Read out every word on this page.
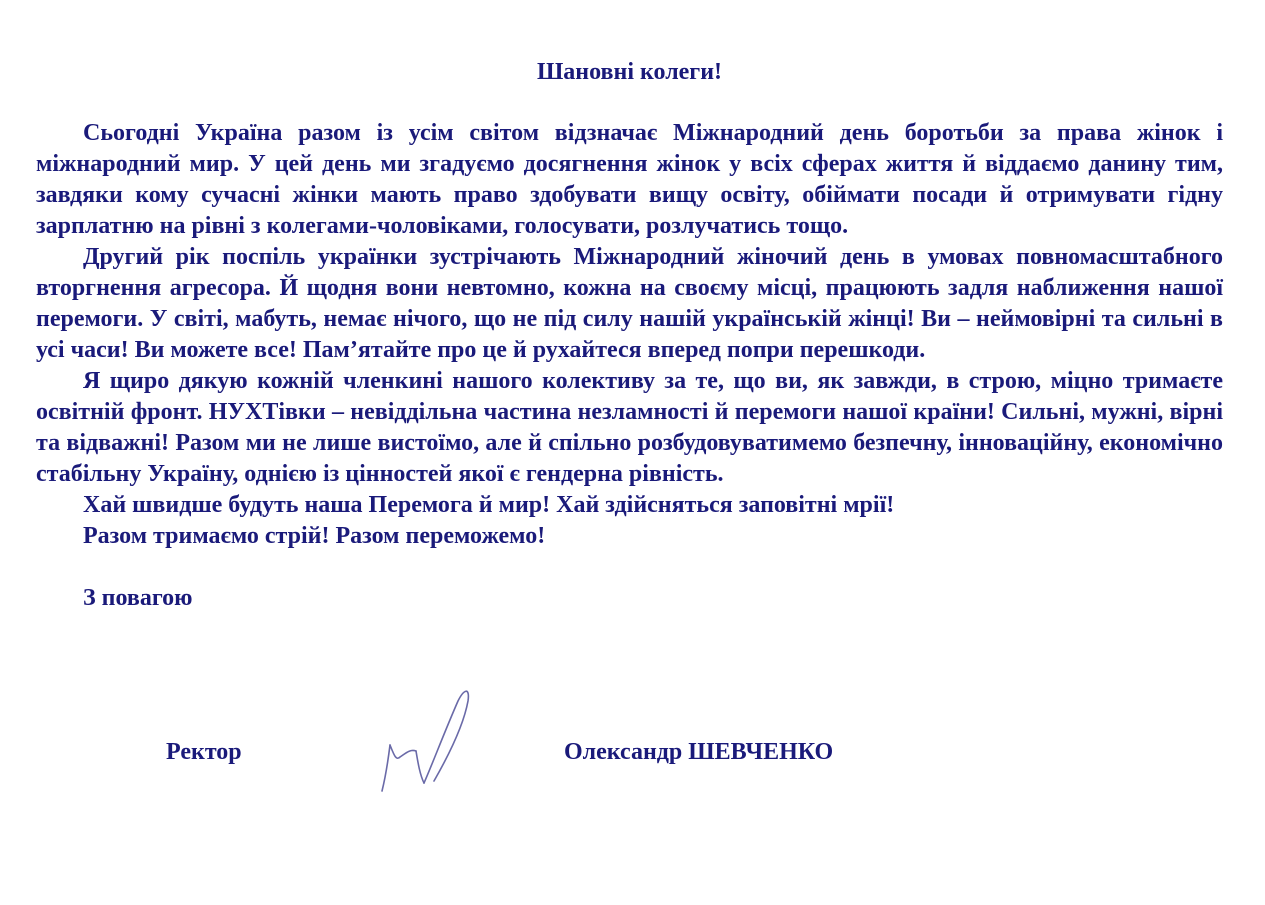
Шановні колеги!

Сьогодні Україна разом із усім світом відзначає Міжнародний день боротьби за права жінок і міжнародний мир. У цей день ми згадуємо досягнення жінок у всіх сферах життя й віддаємо данину тим, завдяки кому сучасні жінки мають право здобувати вищу освіту, обіймати посади й отримувати гідну зарплатню на рівні з колегами-чоловіками, голосувати, розлучатись тощо.

Другий рік поспіль українки зустрічають Міжнародний жіночий день в умовах повномасштабного вторгнення агресора. Й щодня вони невтомно, кожна на своєму місці, працюють задля наближення нашої перемоги. У світі, мабуть, немає нічого, що не під силу нашій українській жінці! Ви – неймовірні та сильні в усі часи! Ви можете все! Пам’ятайте про це й рухайтеся вперед попри перешкоди.

Я щиро дякую кожній членкині нашого колективу за те, що ви, як завжди, в строю, міцно тримаєте освітній фронт. НУХТівки – невіддільна частина незламності й перемоги нашої країни! Сильні, мужні, вірні та відважні! Разом ми не лише вистоїмо, але й спільно розбудовуватимемо безпечну, інноваційну, економічно стабільну Україну, однією із цінностей якої є гендерна рівність.

Хай швидше будуть наша Перемога й мир! Хай здійсняться заповітні мрії!

Разом тримаємо стрій! Разом переможемо!

З повагою

Ректор	Олександр ШЕВЧЕНКО
